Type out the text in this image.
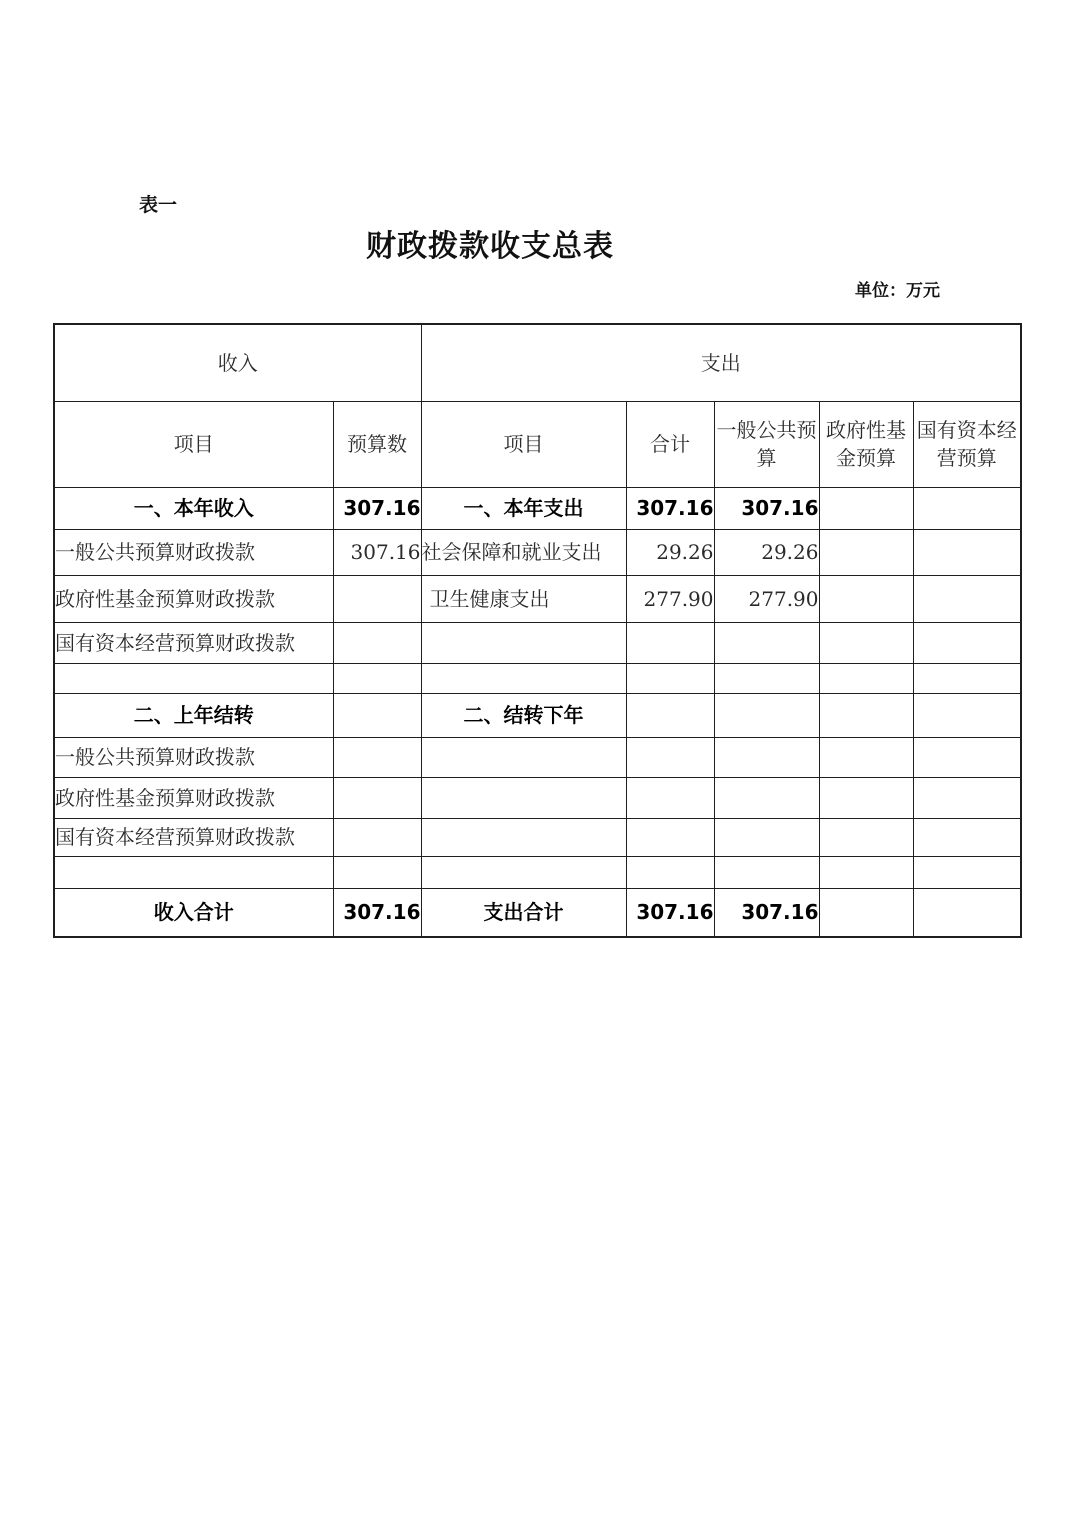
表一
财政拨款收支总表
单位：万元
收入		支出				
项目	预算数	项目	合计	一般公共预算	政府性基金预算	国有资本经营预算
一、本年收入	307.16	一、本年支出	307.16	307.16		
一般公共预算财政拨款	307.16	社会保障和就业支出	29.26	29.26		
政府性基金预算财政拨款		卫生健康支出	277.90	277.90		
国有资本经营预算财政拨款						

二、上年结转		二、结转下年				
一般公共预算财政拨款						
政府性基金预算财政拨款						
国有资本经营预算财政拨款						

收入合计	307.16	支出合计	307.16	307.16		
